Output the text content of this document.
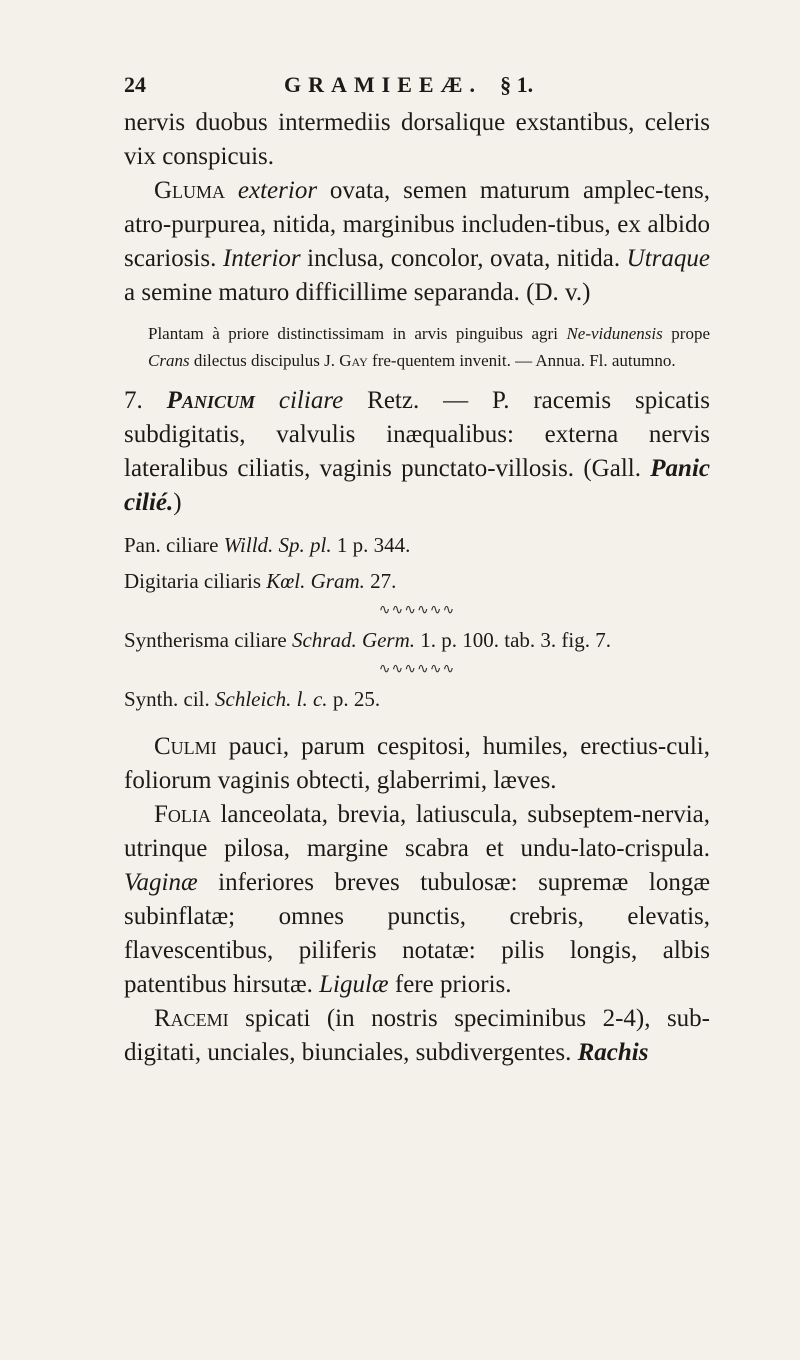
24	GRAMIEEÆ. § 1.

nervis duobus intermediis dorsalique exstantibus, celeris vix conspicuis.

Gluma exterior ovata, semen maturum amplec-tens, atro-purpurea, nitida, marginibus includen-tibus, ex albido scariosis. Interior inclusa, concolor, ovata, nitida. Utraque a semine maturo difficillime separanda. (D. v.)

Plantam à priore distinctissimam in arvis pinguibus agri Ne-vidunensis prope Crans dilectus discipulus J. Gay fre-quentem invenit. — Annua. Fl. autumno.

7. Panicum ciliare Retz. — P. racemis spicatis subdigitatis, valvulis inæqualibus: externa nervis lateralibus ciliatis, vaginis punctato-villosis. (Gall. Panic cilié.)

Pan. ciliare Willd. Sp. pl. 1 p. 344.

Digitaria ciliaris Kœl. Gram. 27.

∿∿∿∿∿∿

Syntherisma ciliare Schrad. Germ. 1. p. 100. tab. 3. fig. 7.

∿∿∿∿∿∿

Synth. cil. Schleich. l. c. p. 25.

Culmi pauci, parum cespitosi, humiles, erectius-culi, foliorum vaginis obtecti, glaberrimi, læves.

Folia lanceolata, brevia, latiuscula, subseptem-nervia, utrinque pilosa, margine scabra et undu-lato-crispula. Vaginæ inferiores breves tubulosæ: supremæ longæ subinflatæ; omnes punctis, crebris, elevatis, flavescentibus, piliferis notatæ: pilis longis, albis patentibus hirsutæ. Ligulæ fere prioris.

Racemi spicati (in nostris speciminibus 2-4), sub-digitati, unciales, biunciales, subdivergentes. Rachis
